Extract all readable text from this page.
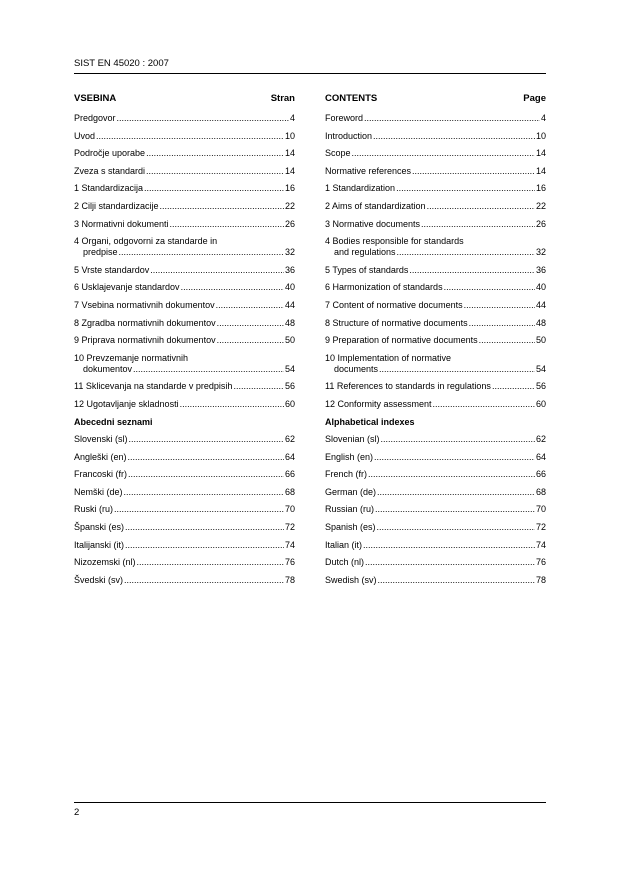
SIST EN 45020 : 2007
VSEBINA	Stran
Predgovor .....	4
Uvod .....	10
Področje uporabe .....	14
Zveza s standardi .....	14
1 Standardizacija .....	16
2 Cilji standardizacije .....	22
3 Normativni dokumenti .....	26
4 Organi, odgovorni za standarde in
predpise .....	32
5 Vrste standardov .....	36
6 Usklajevanje standardov .....	40
7 Vsebina normativnih dokumentov .....	44
8 Zgradba normativnih dokumentov .....	48
9 Priprava normativnih dokumentov .....	50
10 Prevzemanje normativnih
dokumentov .....	54
11 Sklicevanja na standarde v predpisih .....	56
12 Ugotavljanje skladnosti .....	60
Abecedni seznami
Slovenski (sl) .....	62
Angleški (en) .....	64
Francoski (fr) .....	66
Nemški (de) .....	68
Ruski (ru) .....	70
Španski (es) .....	72
Italijanski (it) .....	74
Nizozemski (nl) .....	76
Švedski (sv) .....	78
CONTENTS	Page
Foreword .....	4
Introduction .....	10
Scope .....	14
Normative references .....	14
1 Standardization .....	16
2 Aims of standardization .....	22
3 Normative documents .....	26
4 Bodies responsible for standards
and regulations .....	32
5 Types of standards .....	36
6 Harmonization of standards .....	40
7 Content of normative documents .....	44
8 Structure of normative documents .....	48
9 Preparation of normative documents .....	50
10 Implementation of normative
documents .....	54
11 References to standards in regulations .....	56
12 Conformity assessment .....	60
Alphabetical indexes
Slovenian (sl) .....	62
English (en) .....	64
French (fr) .....	66
German (de) .....	68
Russian (ru) .....	70
Spanish (es) .....	72
Italian (it) .....	74
Dutch (nl) .....	76
Swedish (sv) .....	78
2
